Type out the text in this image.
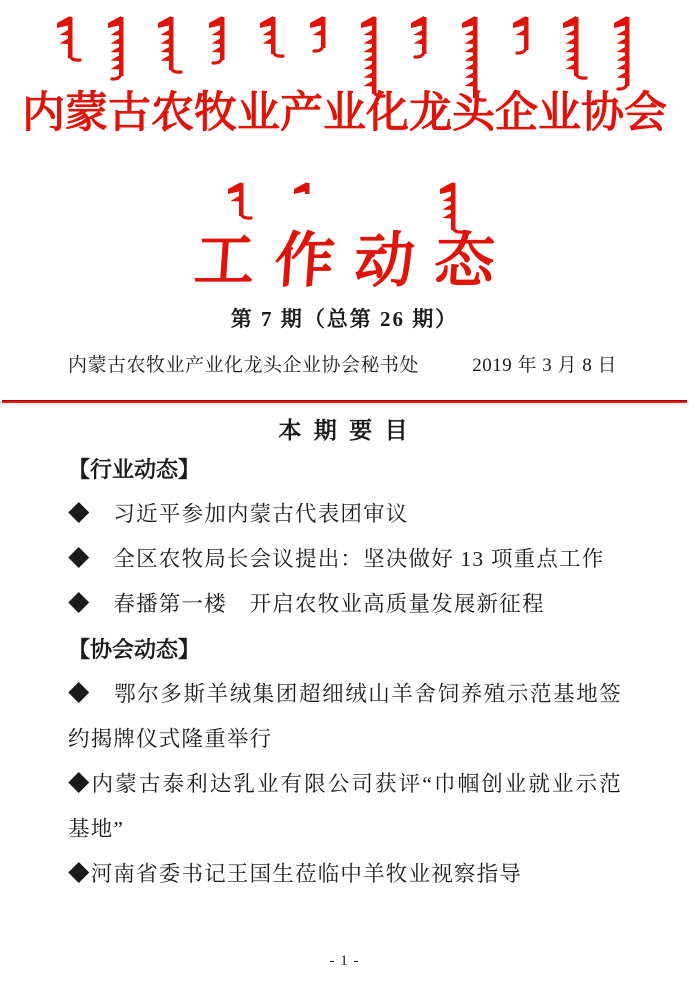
内蒙古农牧业产业化龙头企业协会
工作动态
第 7 期（总第 26 期）
内蒙古农牧业产业化龙头企业协会秘书处	2019 年 3 月 8 日
本 期 要 目
【行业动态】
◆　习近平参加内蒙古代表团审议
◆　全区农牧局长会议提出：坚决做好 13 项重点工作
◆　春播第一楼　开启农牧业高质量发展新征程
【协会动态】
◆　鄂尔多斯羊绒集团超细绒山羊舍饲养殖示范基地签约揭牌仪式隆重举行
◆内蒙古泰利达乳业有限公司获评“巾帼创业就业示范基地”
◆河南省委书记王国生莅临中羊牧业视察指导
- 1 -
